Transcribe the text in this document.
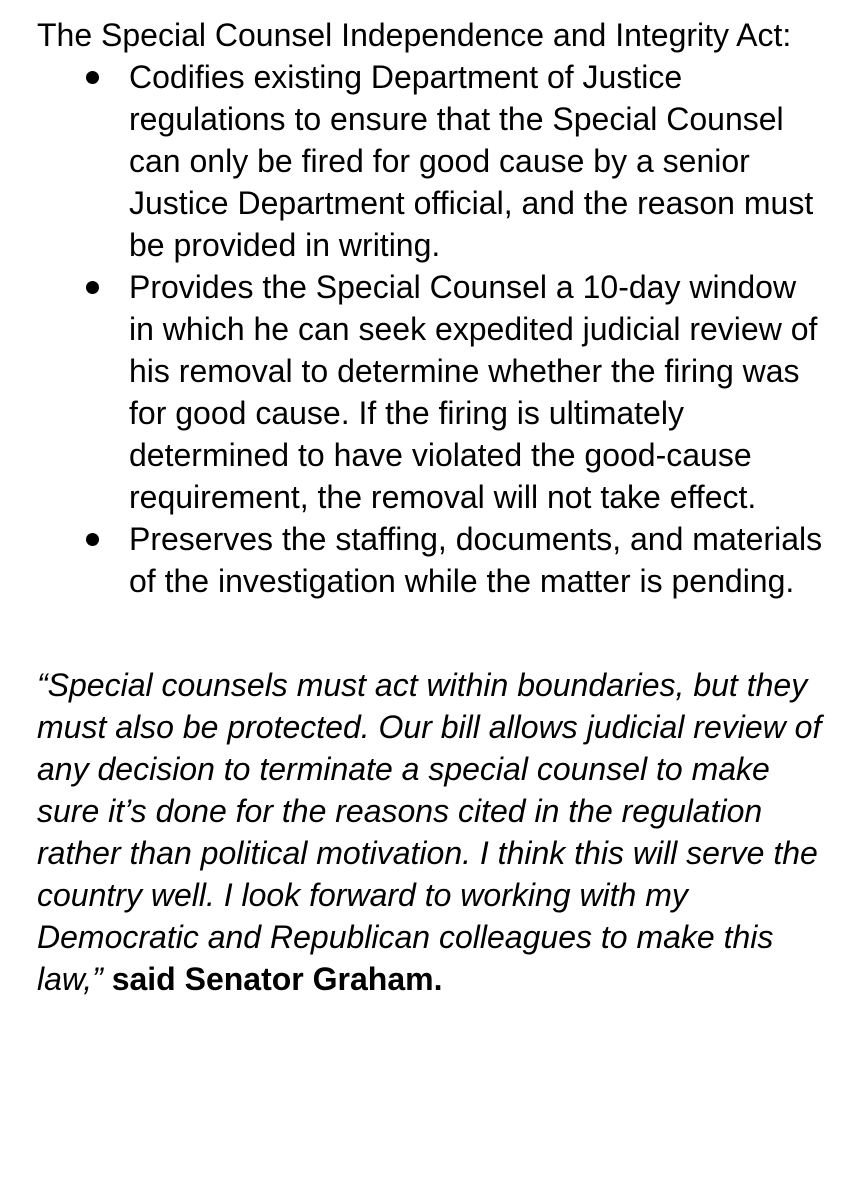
The Special Counsel Independence and Integrity Act:

Codifies existing Department of Justice regulations to ensure that the Special Counsel can only be fired for good cause by a senior Justice Department official, and the reason must be provided in writing.
Provides the Special Counsel a 10-day window in which he can seek expedited judicial review of his removal to determine whether the firing was for good cause. If the firing is ultimately determined to have violated the good-cause requirement, the removal will not take effect.
Preserves the staffing, documents, and materials of the investigation while the matter is pending.

“Special counsels must act within boundaries, but they must also be protected. Our bill allows judicial review of any decision to terminate a special counsel to make sure it’s done for the reasons cited in the regulation rather than political motivation. I think this will serve the country well. I look forward to working with my Democratic and Republican colleagues to make this law,” said Senator Graham.
